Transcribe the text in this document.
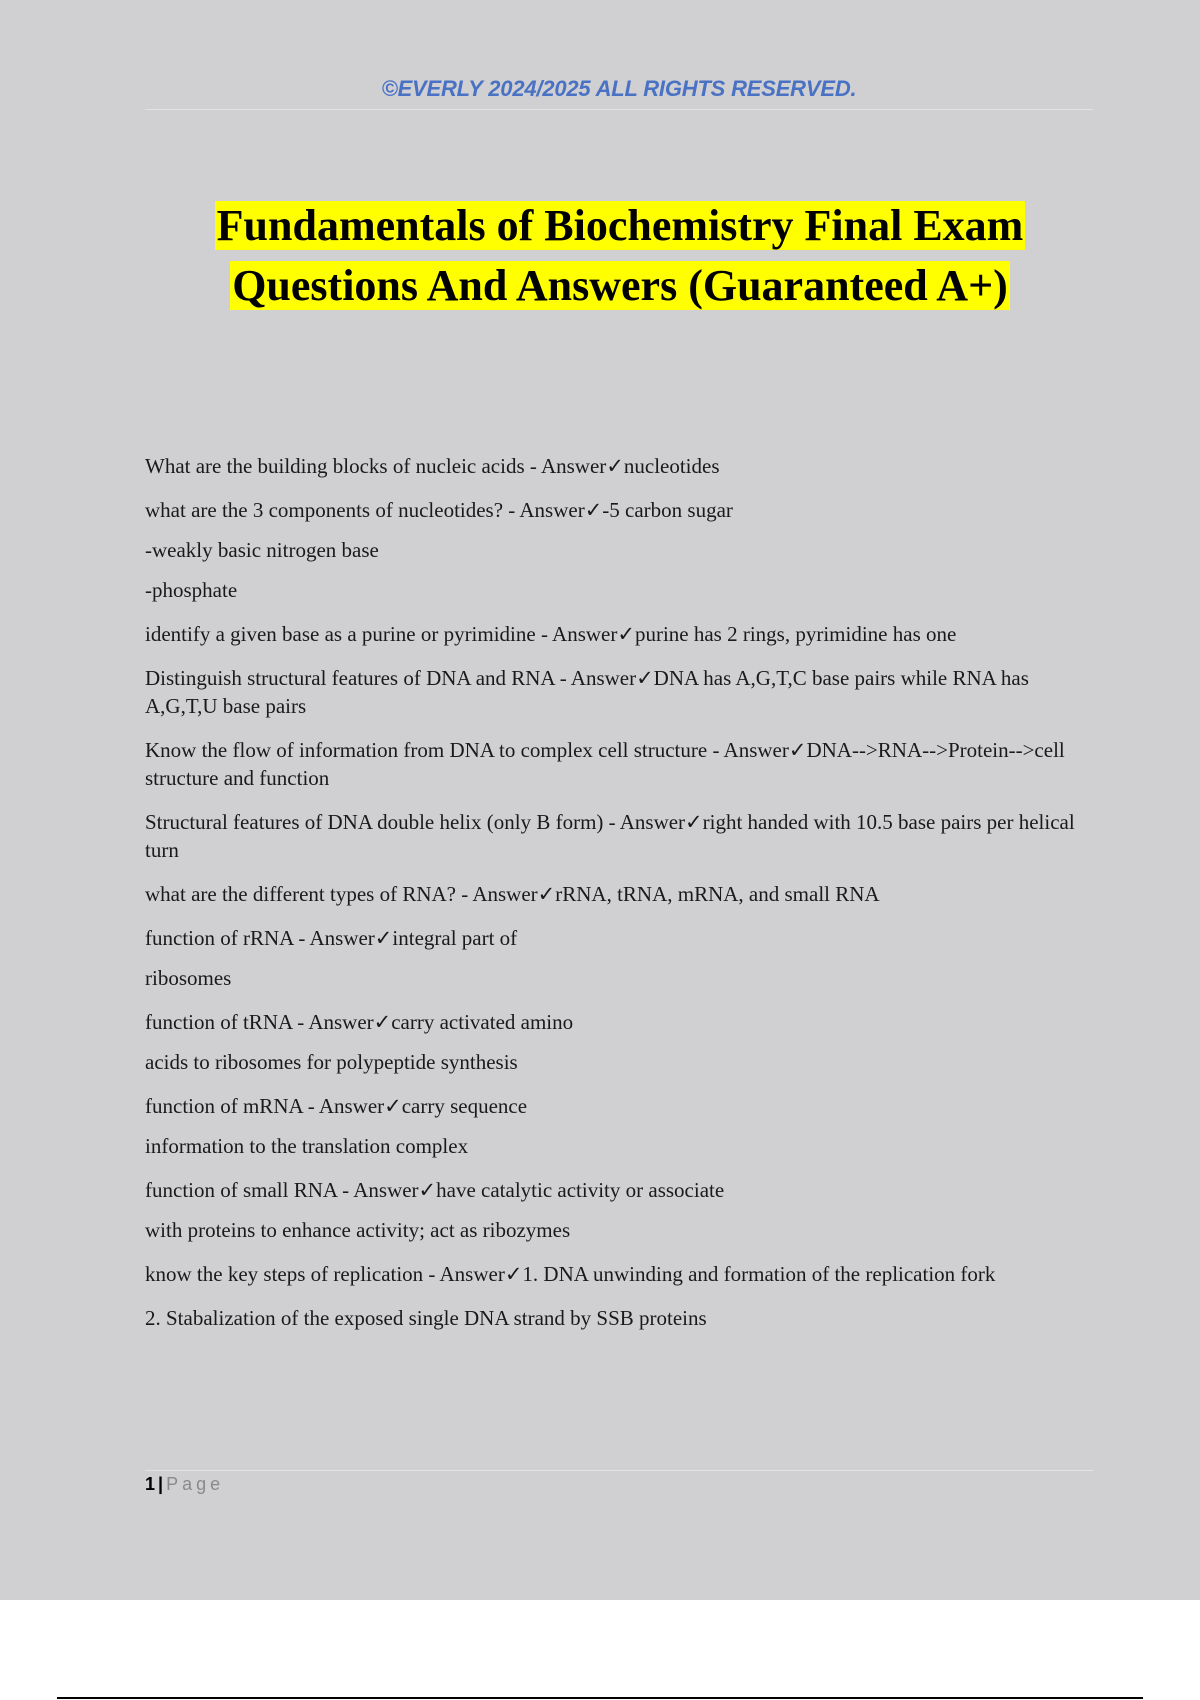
©EVERLY 2024/2025 ALL RIGHTS RESERVED.
Fundamentals of Biochemistry Final Exam
Questions And Answers (Guaranteed A+)

What are the building blocks of nucleic acids - Answer✓nucleotides

what are the 3 components of nucleotides? - Answer✓-5 carbon sugar

-weakly basic nitrogen base

-phosphate

identify a given base as a purine or pyrimidine - Answer✓purine has 2 rings, pyrimidine has one

Distinguish structural features of DNA and RNA - Answer✓DNA has A,G,T,C base pairs while RNA has A,G,T,U base pairs

Know the flow of information from DNA to complex cell structure - Answer✓DNA-->RNA-->Protein-->cell structure and function

Structural features of DNA double helix (only B form) - Answer✓right handed with 10.5 base pairs per helical turn

what are the different types of RNA? - Answer✓rRNA, tRNA, mRNA, and small RNA

function of rRNA - Answer✓integral part of

ribosomes

function of tRNA - Answer✓carry activated amino

acids to ribosomes for polypeptide synthesis

function of mRNA - Answer✓carry sequence

information to the translation complex

function of small RNA - Answer✓have catalytic activity or associate

with proteins to enhance activity; act as ribozymes

know the key steps of replication - Answer✓1. DNA unwinding and formation of the replication fork

2. Stabalization of the exposed single DNA strand by SSB proteins

1 | Page
